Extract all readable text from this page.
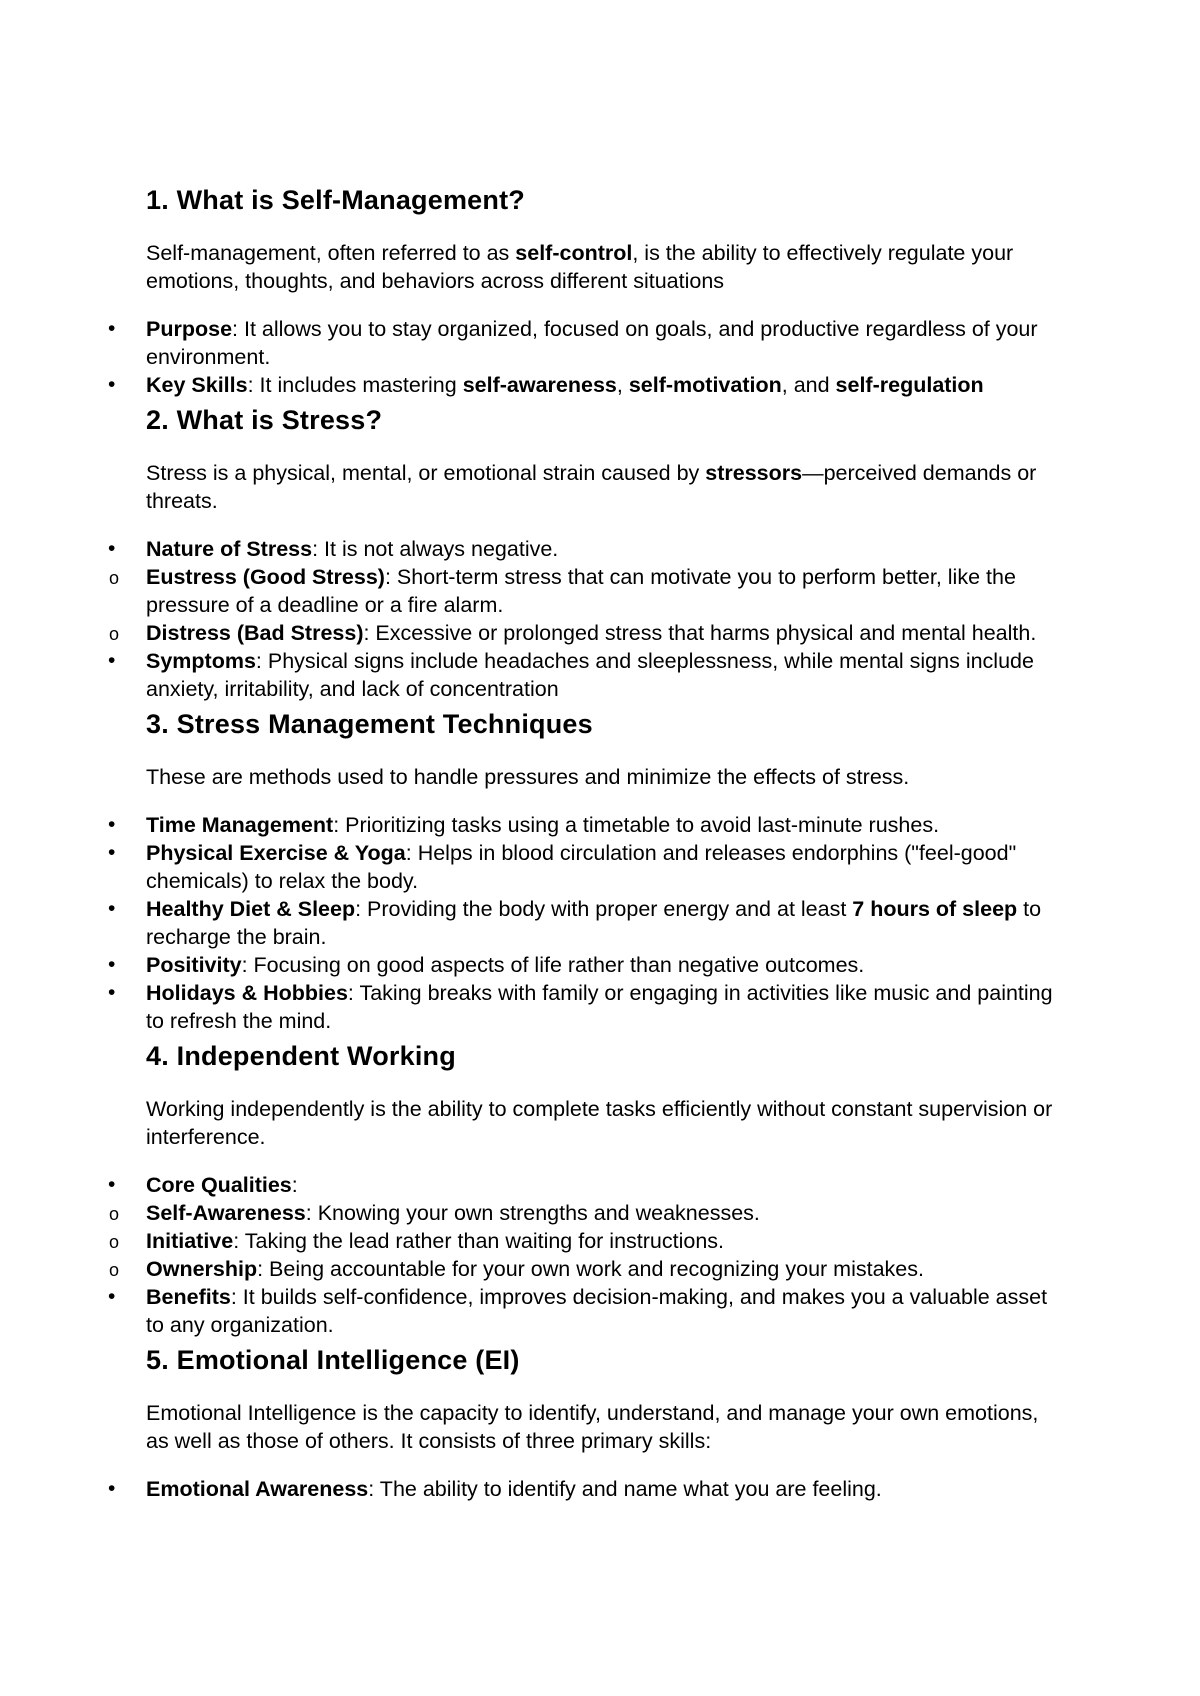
1. What is Self-Management?

Self-management, often referred to as self-control, is the ability to effectively regulate your emotions, thoughts, and behaviors across different situations

•	Purpose: It allows you to stay organized, focused on goals, and productive regardless of your environment.
•	Key Skills: It includes mastering self-awareness, self-motivation, and self-regulation
2. What is Stress?

Stress is a physical, mental, or emotional strain caused by stressors—perceived demands or threats.

•	Nature of Stress: It is not always negative.
o	Eustress (Good Stress): Short-term stress that can motivate you to perform better, like the pressure of a deadline or a fire alarm.
o	Distress (Bad Stress): Excessive or prolonged stress that harms physical and mental health.
•	Symptoms: Physical signs include headaches and sleeplessness, while mental signs include anxiety, irritability, and lack of concentration
3. Stress Management Techniques

These are methods used to handle pressures and minimize the effects of stress.

•	Time Management: Prioritizing tasks using a timetable to avoid last-minute rushes.
•	Physical Exercise & Yoga: Helps in blood circulation and releases endorphins ("feel-good" chemicals) to relax the body.
•	Healthy Diet & Sleep: Providing the body with proper energy and at least 7 hours of sleep to recharge the brain.
•	Positivity: Focusing on good aspects of life rather than negative outcomes.
•	Holidays & Hobbies: Taking breaks with family or engaging in activities like music and painting to refresh the mind.
4. Independent Working

Working independently is the ability to complete tasks efficiently without constant supervision or interference.

•	Core Qualities:
o	Self-Awareness: Knowing your own strengths and weaknesses.
o	Initiative: Taking the lead rather than waiting for instructions.
o	Ownership: Being accountable for your own work and recognizing your mistakes.
•	Benefits: It builds self-confidence, improves decision-making, and makes you a valuable asset to any organization.
5. Emotional Intelligence (EI)

Emotional Intelligence is the capacity to identify, understand, and manage your own emotions, as well as those of others. It consists of three primary skills:

•	Emotional Awareness: The ability to identify and name what you are feeling.
